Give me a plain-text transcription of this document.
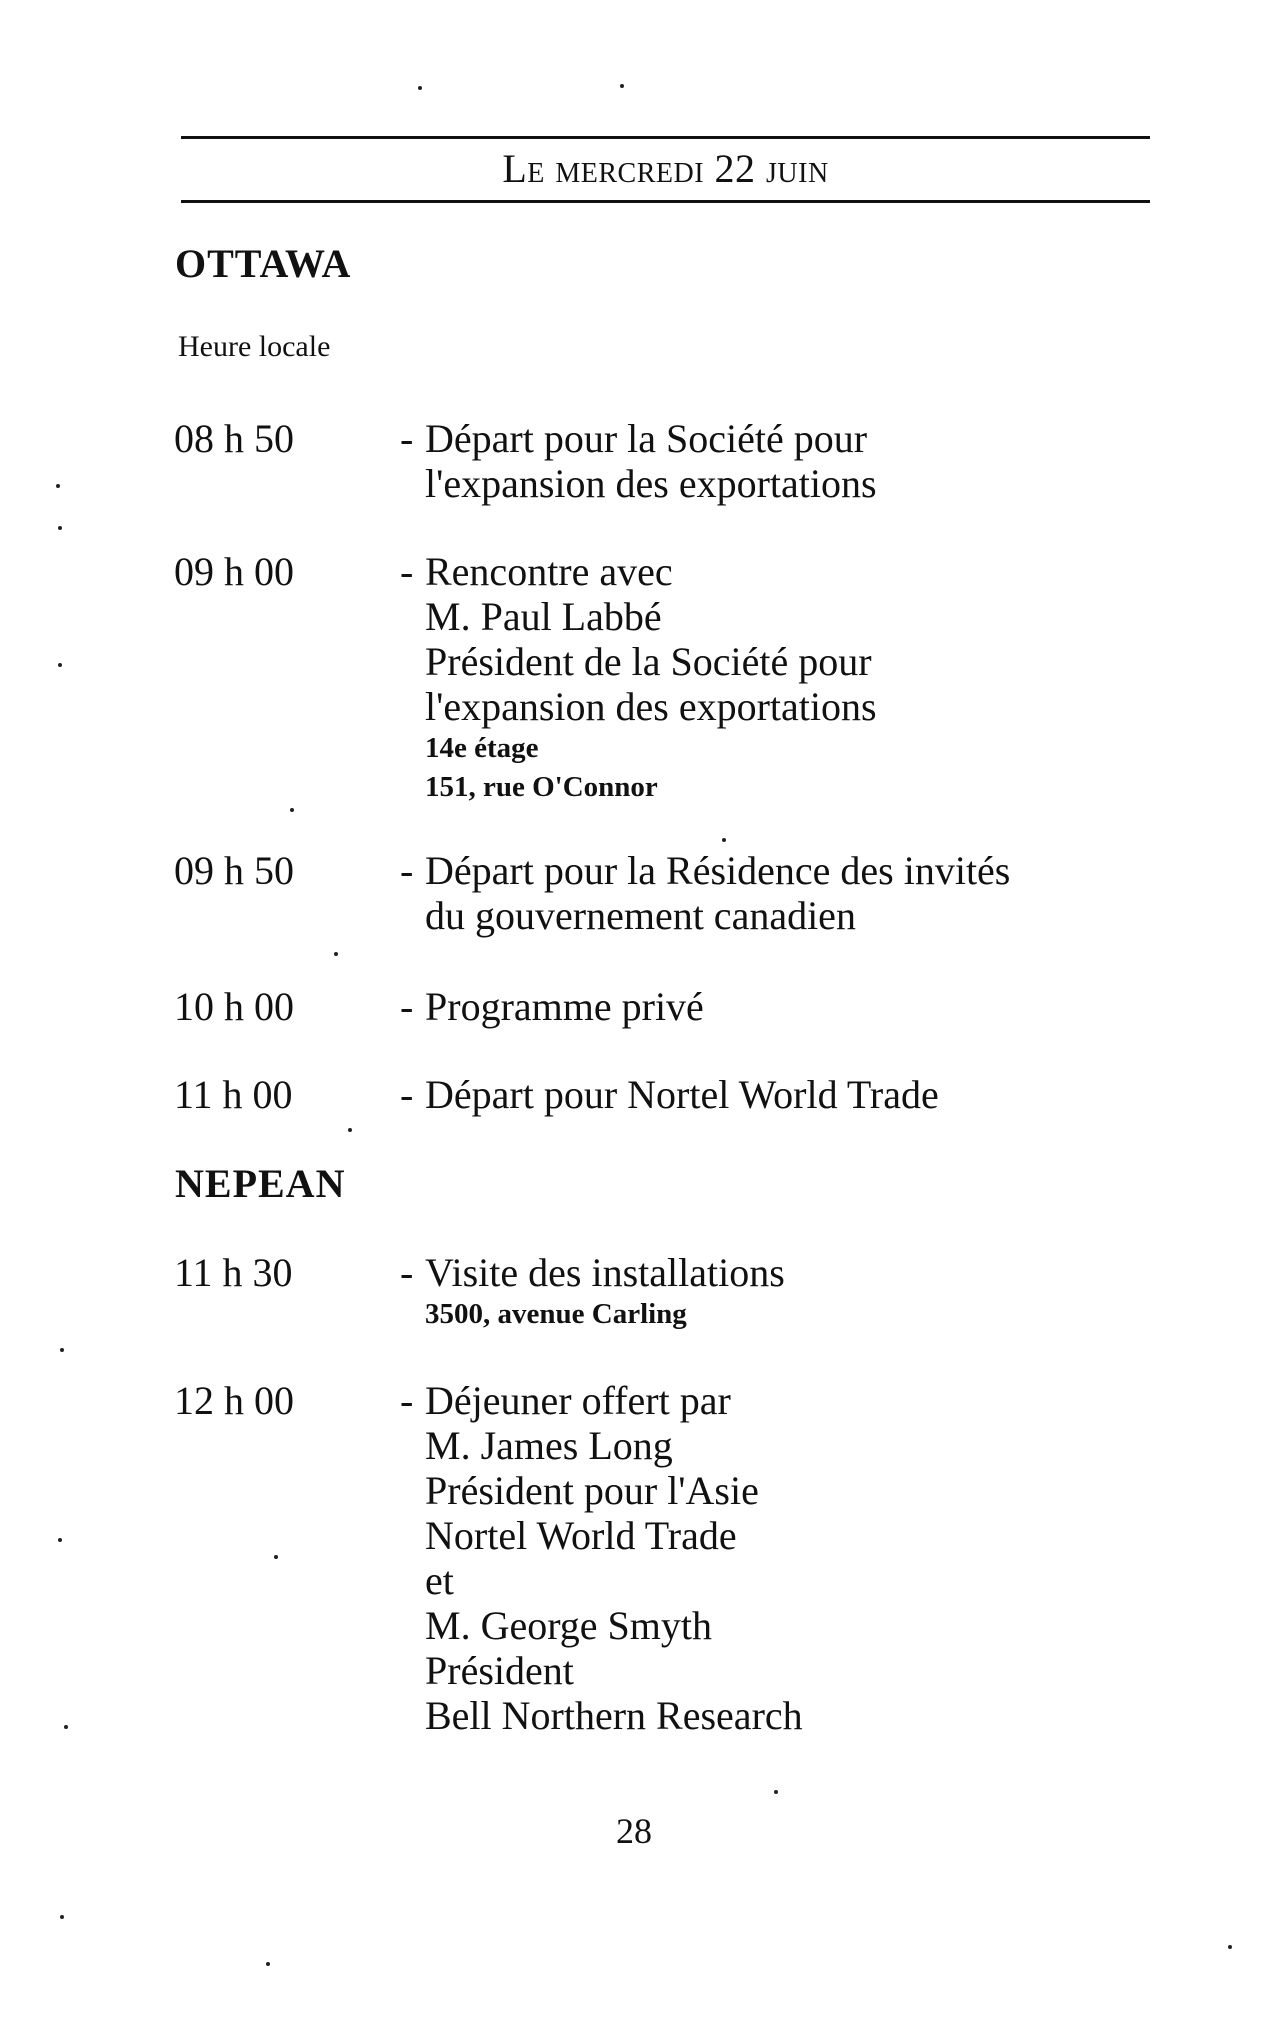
Le mercredi 22 juin
OTTAWA
Heure locale
08 h 50	- Départ pour la Société pour
l'expansion des exportations
09 h 00	- Rencontre avec
M. Paul Labbé
Président de la Société pour
l'expansion des exportations
14e étage
151, rue O'Connor
09 h 50	- Départ pour la Résidence des invités
du gouvernement canadien
10 h 00	- Programme privé
11 h 00	- Départ pour Nortel World Trade
NEPEAN
11 h 30	- Visite des installations
3500, avenue Carling
12 h 00	- Déjeuner offert par
M. James Long
Président pour l'Asie
Nortel World Trade
et
M. George Smyth
Président
Bell Northern Research
28
